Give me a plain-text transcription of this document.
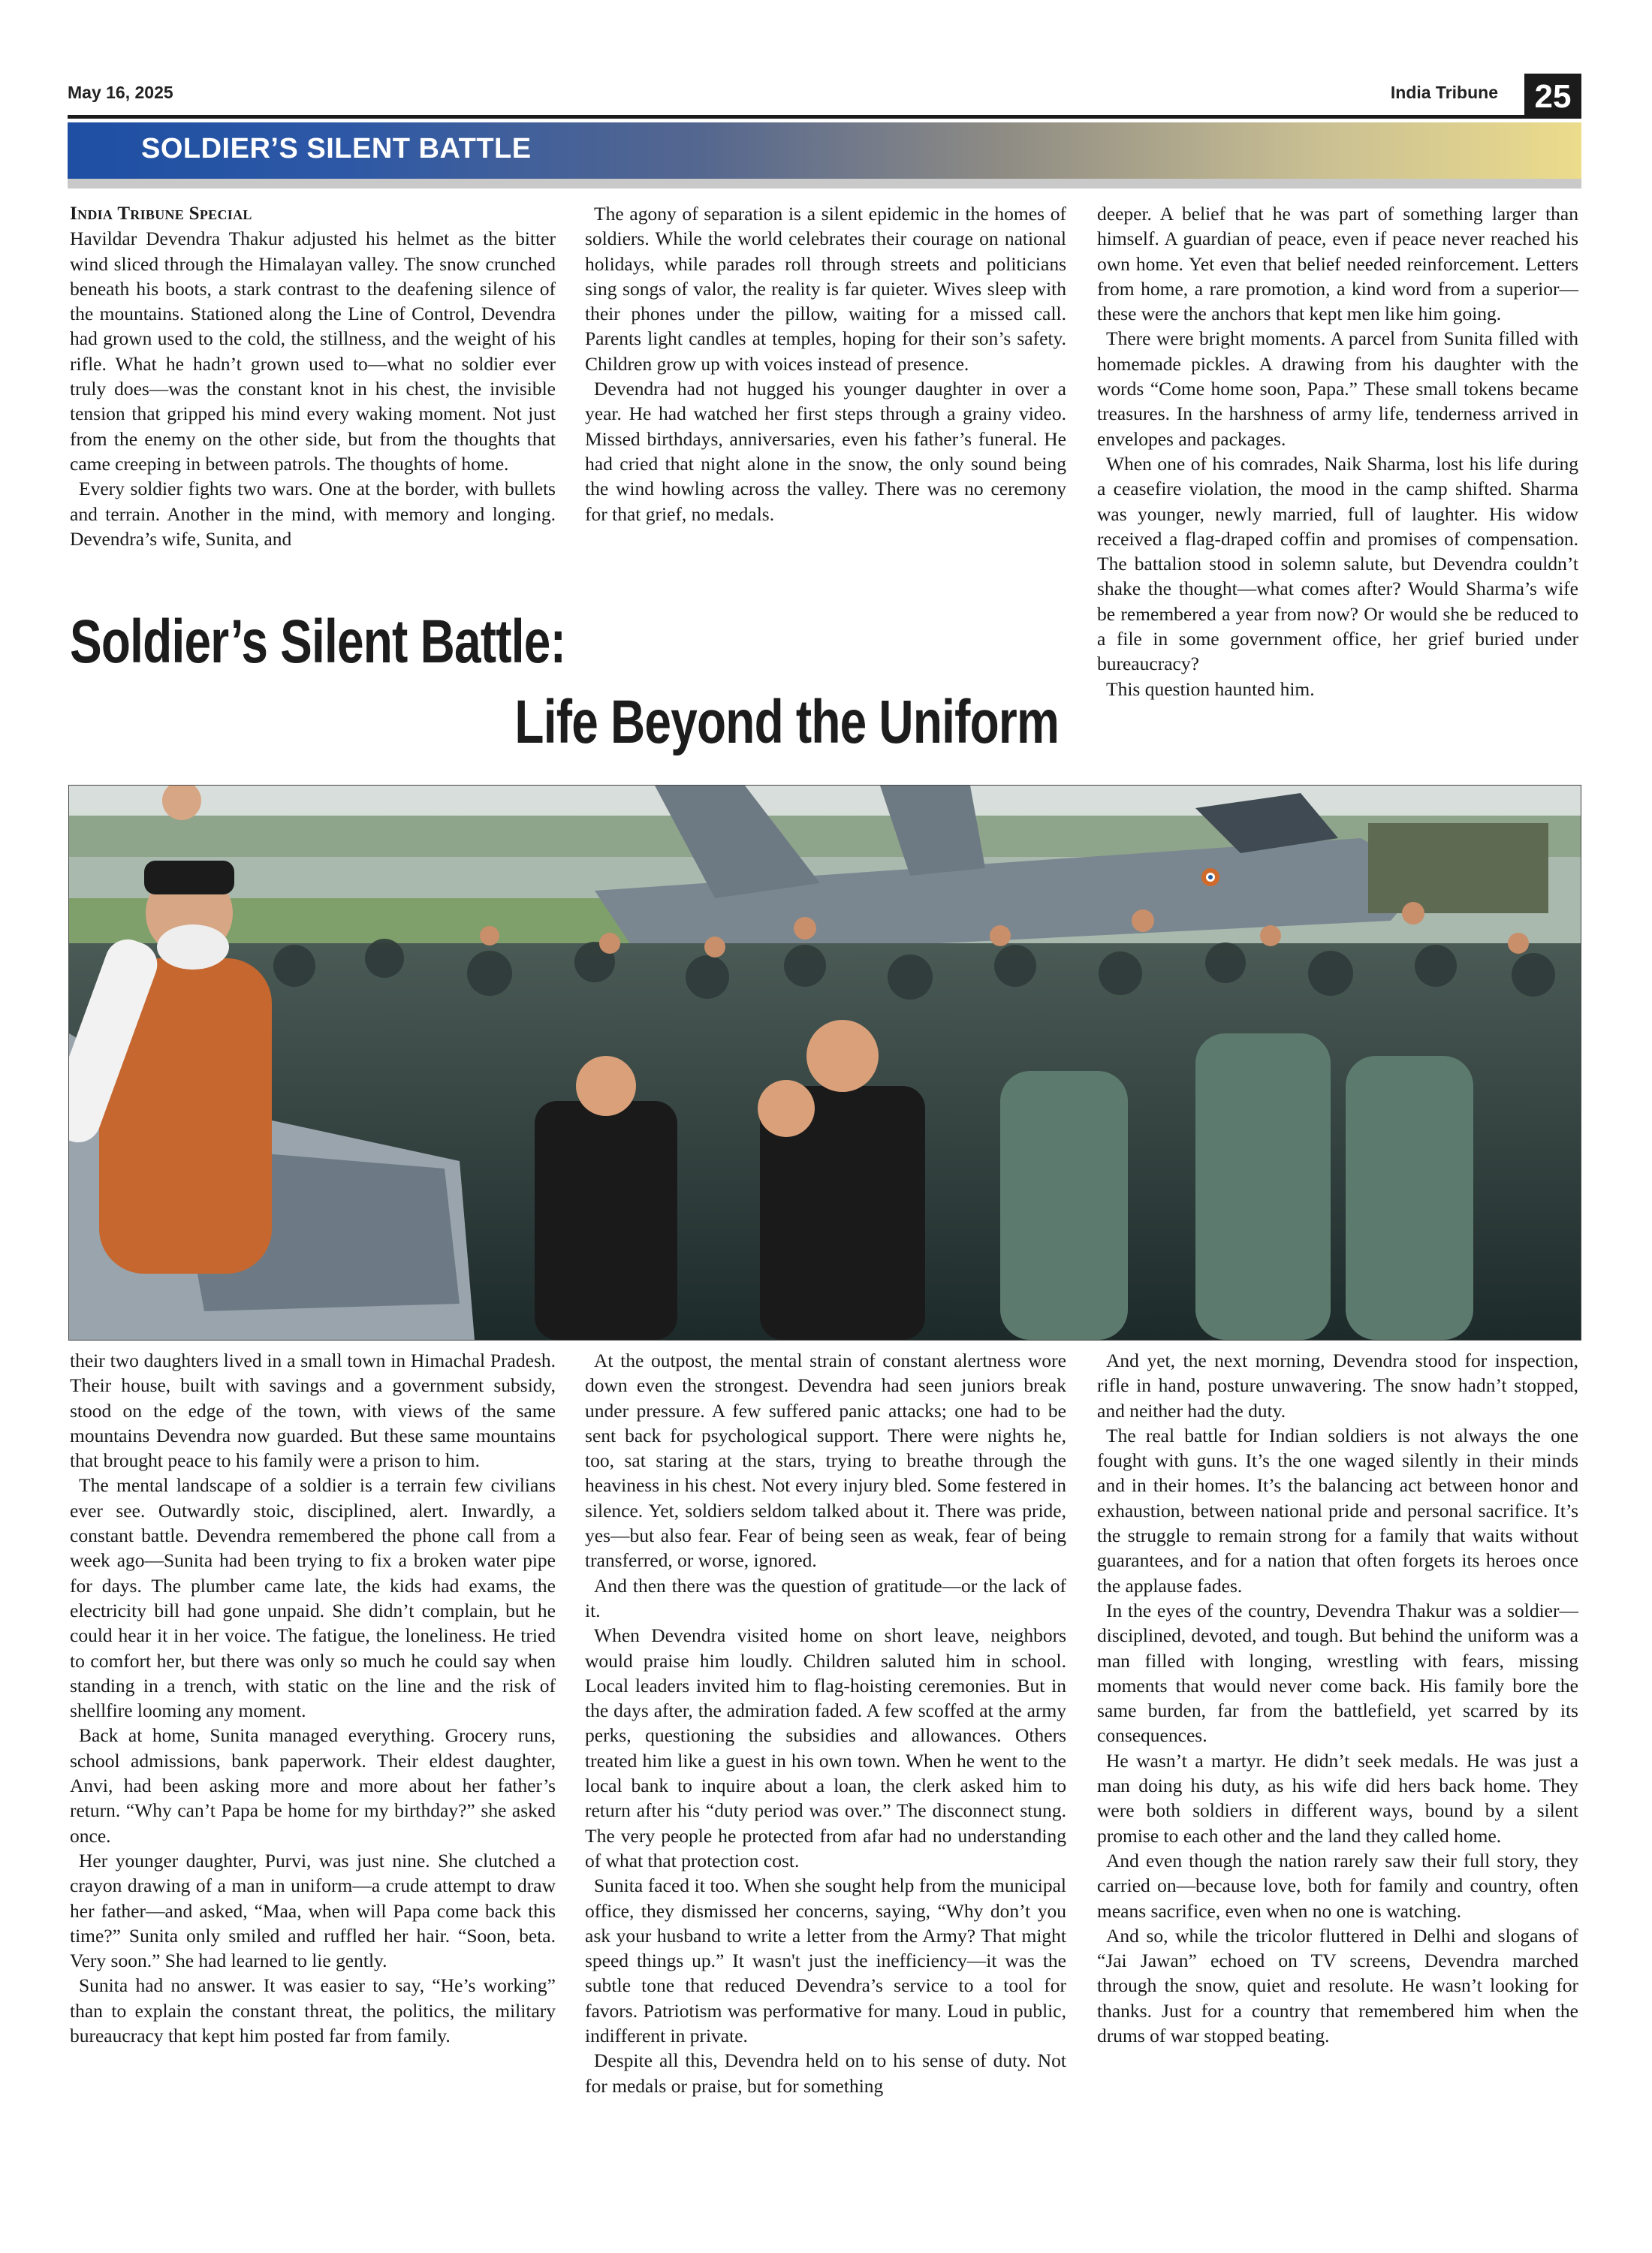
May 16, 2025	India Tribune	25
SOLDIER’S SILENT BATTLE
India Tribune Special

Havildar Devendra Thakur adjusted his helmet as the bitter wind sliced through the Himalayan valley. The snow crunched beneath his boots, a stark contrast to the deafening silence of the mountains. Stationed along the Line of Control, Devendra had grown used to the cold, the stillness, and the weight of his rifle. What he hadn’t grown used to—what no soldier ever truly does—was the constant knot in his chest, the invisible tension that gripped his mind every waking moment. Not just from the enemy on the other side, but from the thoughts that came creeping in between patrols. The thoughts of home.

Every soldier fights two wars. One at the border, with bullets and terrain. Another in the mind, with memory and longing. Devendra’s wife, Sunita, and

The agony of separation is a silent epidemic in the homes of soldiers. While the world celebrates their courage on national holidays, while parades roll through streets and politicians sing songs of valor, the reality is far quieter. Wives sleep with their phones under the pillow, waiting for a missed call. Parents light candles at temples, hoping for their son’s safety. Children grow up with voices instead of presence.

Devendra had not hugged his younger daughter in over a year. He had watched her first steps through a grainy video. Missed birthdays, anniversaries, even his father’s funeral. He had cried that night alone in the snow, the only sound being the wind howling across the valley. There was no ceremony for that grief, no medals.

deeper. A belief that he was part of something larger than himself. A guardian of peace, even if peace never reached his own home. Yet even that belief needed reinforcement. Letters from home, a rare promotion, a kind word from a superior—these were the anchors that kept men like him going.

There were bright moments. A parcel from Sunita filled with homemade pickles. A drawing from his daughter with the words “Come home soon, Papa.” These small tokens became treasures. In the harshness of army life, tenderness arrived in envelopes and packages.

When one of his comrades, Naik Sharma, lost his life during a ceasefire violation, the mood in the camp shifted. Sharma was younger, newly married, full of laughter. His widow received a flag-draped coffin and promises of compensation. The battalion stood in solemn salute, but Devendra couldn’t shake the thought—what comes after? Would Sharma’s wife be remembered a year from now? Or would she be reduced to a file in some government office, her grief buried under bureaucracy?

This question haunted him.

Soldier’s Silent Battle:
Life Beyond the Uniform

their two daughters lived in a small town in Himachal Pradesh. Their house, built with savings and a government subsidy, stood on the edge of the town, with views of the same mountains Devendra now guarded. But these same mountains that brought peace to his family were a prison to him.

The mental landscape of a soldier is a terrain few civilians ever see. Outwardly stoic, disciplined, alert. Inwardly, a constant battle. Devendra remembered the phone call from a week ago—Sunita had been trying to fix a broken water pipe for days. The plumber came late, the kids had exams, the electricity bill had gone unpaid. She didn’t complain, but he could hear it in her voice. The fatigue, the loneliness. He tried to comfort her, but there was only so much he could say when standing in a trench, with static on the line and the risk of shellfire looming any moment.

Back at home, Sunita managed everything. Grocery runs, school admissions, bank paperwork. Their eldest daughter, Anvi, had been asking more and more about her father’s return. “Why can’t Papa be home for my birthday?” she asked once.

Her younger daughter, Purvi, was just nine. She clutched a crayon drawing of a man in uniform—a crude attempt to draw her father—and asked, “Maa, when will Papa come back this time?” Sunita only smiled and ruffled her hair. “Soon, beta. Very soon.” She had learned to lie gently.

Sunita had no answer. It was easier to say, “He’s working” than to explain the constant threat, the politics, the military bureaucracy that kept him posted far from family.

At the outpost, the mental strain of constant alertness wore down even the strongest. Devendra had seen juniors break under pressure. A few suffered panic attacks; one had to be sent back for psychological support. There were nights he, too, sat staring at the stars, trying to breathe through the heaviness in his chest. Not every injury bled. Some festered in silence. Yet, soldiers seldom talked about it. There was pride, yes—but also fear. Fear of being seen as weak, fear of being transferred, or worse, ignored.

And then there was the question of gratitude—or the lack of it.

When Devendra visited home on short leave, neighbors would praise him loudly. Children saluted him in school. Local leaders invited him to flag-hoisting ceremonies. But in the days after, the admiration faded. A few scoffed at the army perks, questioning the subsidies and allowances. Others treated him like a guest in his own town. When he went to the local bank to inquire about a loan, the clerk asked him to return after his “duty period was over.” The disconnect stung. The very people he protected from afar had no understanding of what that protection cost.

Sunita faced it too. When she sought help from the municipal office, they dismissed her concerns, saying, “Why don’t you ask your husband to write a letter from the Army? That might speed things up.” It wasn't just the inefficiency—it was the subtle tone that reduced Devendra’s service to a tool for favors. Patriotism was performative for many. Loud in public, indifferent in private.

Despite all this, Devendra held on to his sense of duty. Not for medals or praise, but for something

And yet, the next morning, Devendra stood for inspection, rifle in hand, posture unwavering. The snow hadn’t stopped, and neither had the duty.

The real battle for Indian soldiers is not always the one fought with guns. It’s the one waged silently in their minds and in their homes. It’s the balancing act between honor and exhaustion, between national pride and personal sacrifice. It’s the struggle to remain strong for a family that waits without guarantees, and for a nation that often forgets its heroes once the applause fades.

In the eyes of the country, Devendra Thakur was a soldier—disciplined, devoted, and tough. But behind the uniform was a man filled with longing, wrestling with fears, missing moments that would never come back. His family bore the same burden, far from the battlefield, yet scarred by its consequences.

He wasn’t a martyr. He didn’t seek medals. He was just a man doing his duty, as his wife did hers back home. They were both soldiers in different ways, bound by a silent promise to each other and the land they called home.

And even though the nation rarely saw their full story, they carried on—because love, both for family and country, often means sacrifice, even when no one is watching.

And so, while the tricolor fluttered in Delhi and slogans of “Jai Jawan” echoed on TV screens, Devendra marched through the snow, quiet and resolute. He wasn’t looking for thanks. Just for a country that remembered him when the drums of war stopped beating.
